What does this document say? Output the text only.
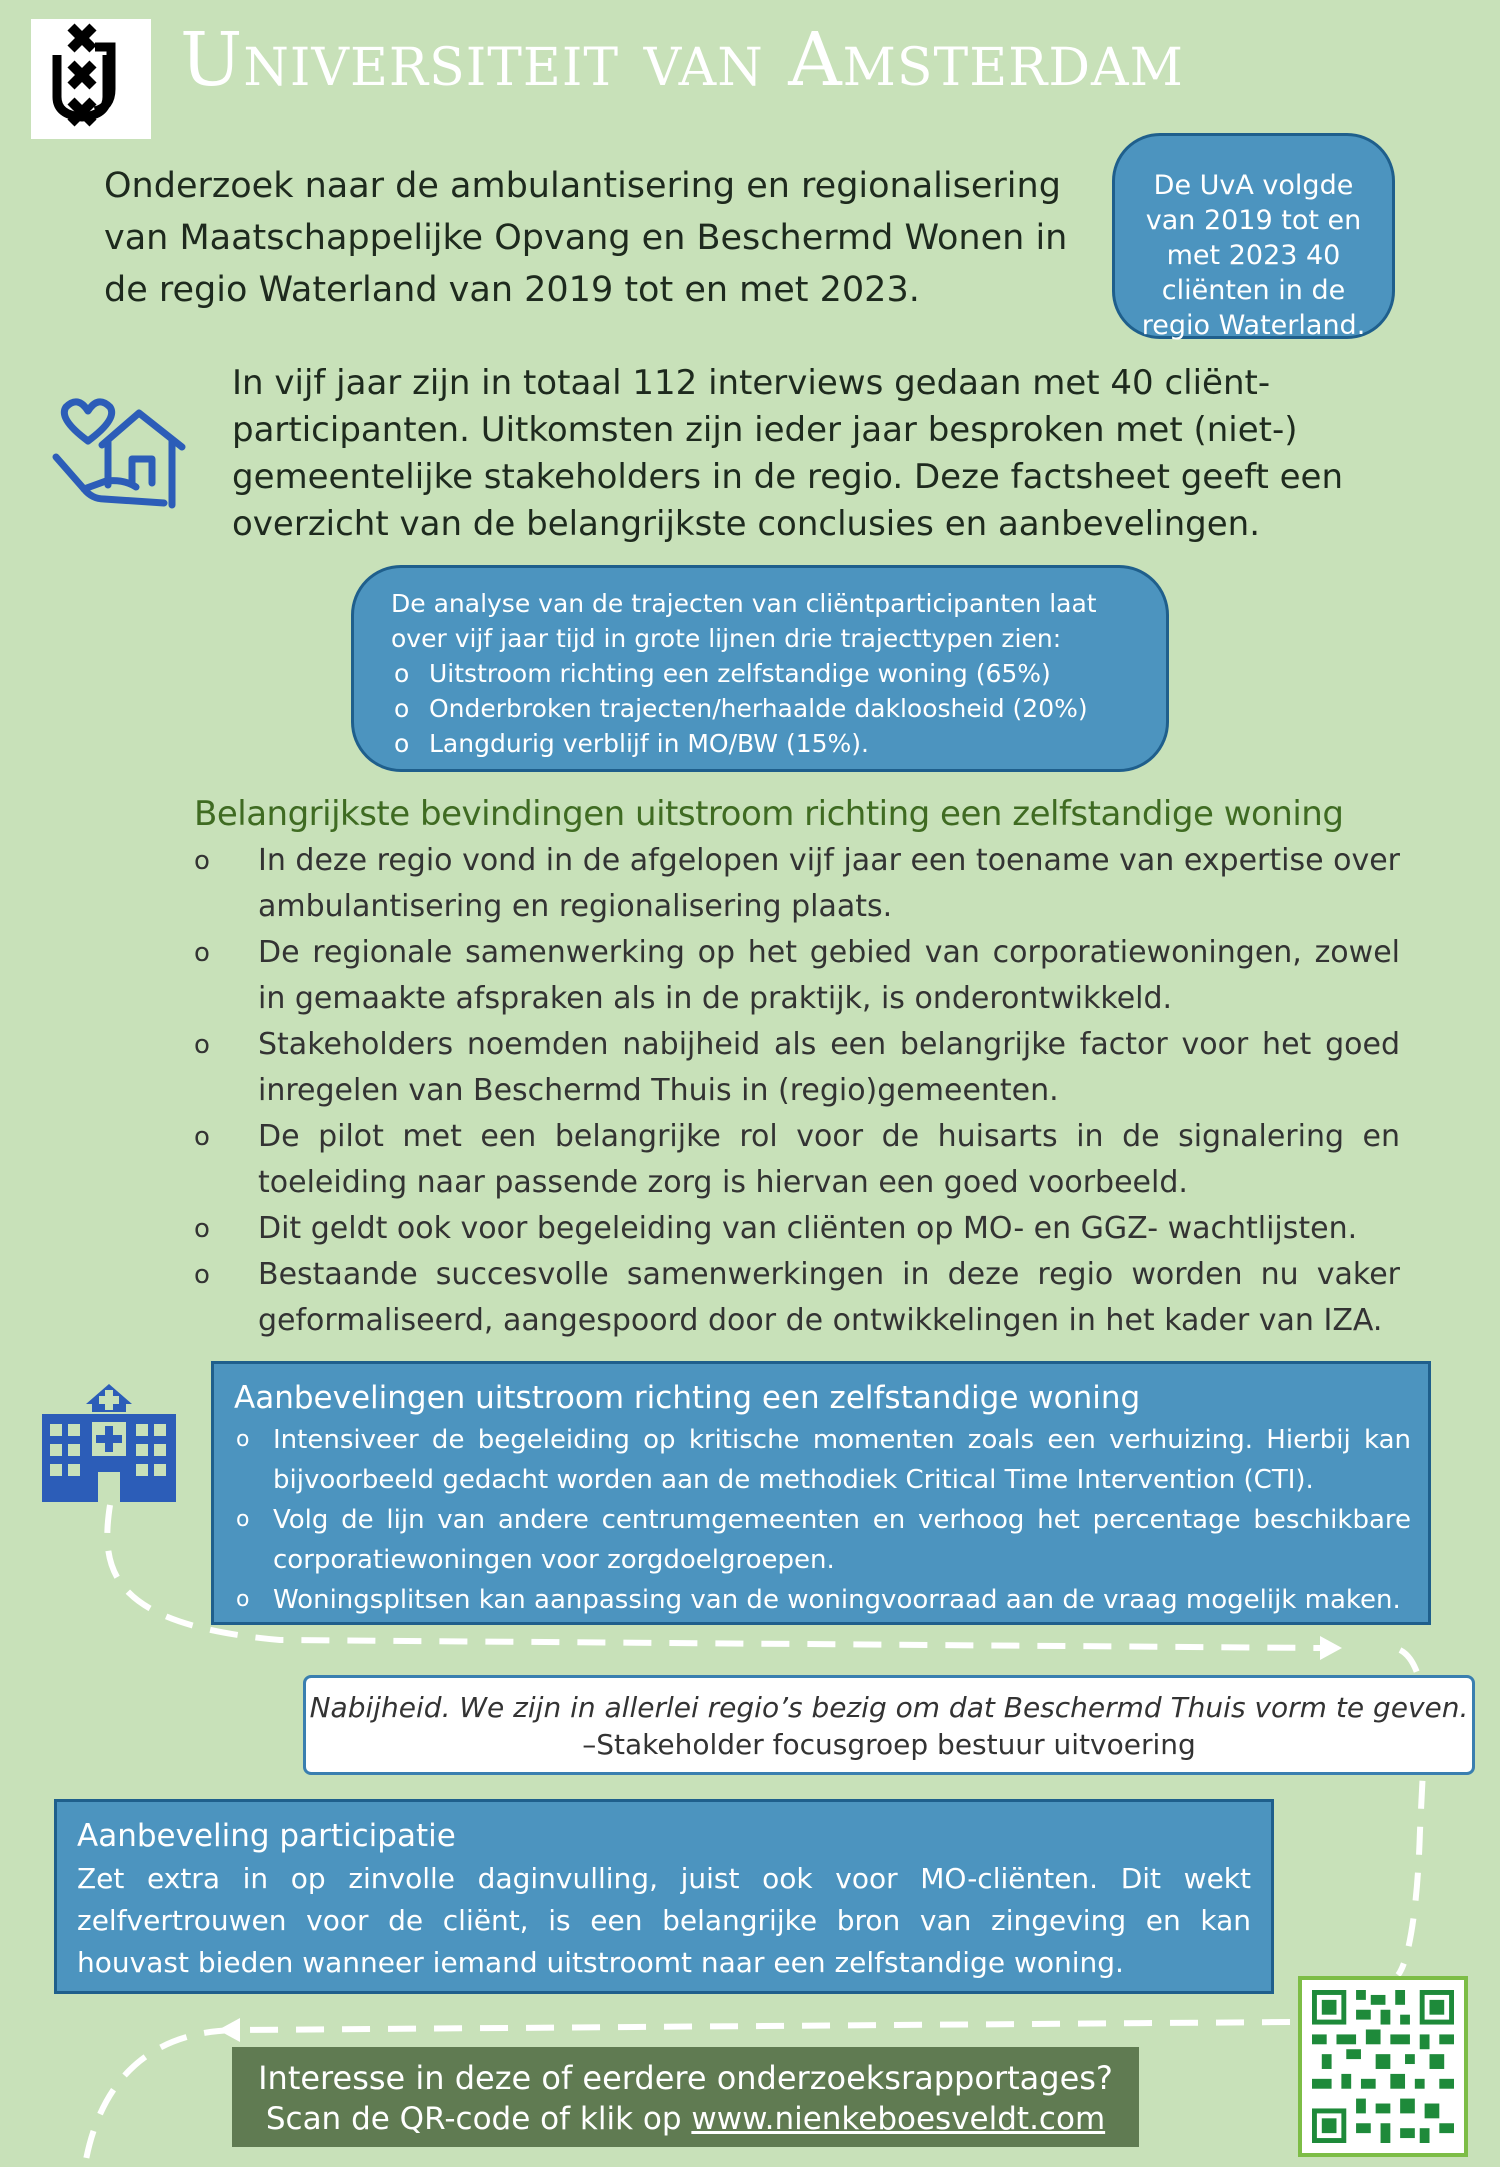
Universiteit van Amsterdam
Onderzoek naar de ambulantisering en regionalisering van Maatschappelijke Opvang en Beschermd Wonen in de regio Waterland van 2019 tot en met 2023.
De UvA volgde van 2019 tot en met 2023 40 cliënten in de regio Waterland.
In vijf jaar zijn in totaal 112 interviews gedaan met 40 cliënt-participanten. Uitkomsten zijn ieder jaar besproken met (niet-) gemeentelijke stakeholders in de regio. Deze factsheet geeft een overzicht van de belangrijkste conclusies en aanbevelingen.
De analyse van de trajecten van cliëntparticipanten laat over vijf jaar tijd in grote lijnen drie trajecttypen zien:
o Uitstroom richting een zelfstandige woning (65%)
o Onderbroken trajecten/herhaalde dakloosheid (20%)
o Langdurig verblijf in MO/BW (15%).
Belangrijkste bevindingen uitstroom richting een zelfstandige woning
o In deze regio vond in de afgelopen vijf jaar een toename van expertise over ambulantisering en regionalisering plaats.
o De regionale samenwerking op het gebied van corporatiewoningen, zowel in gemaakte afspraken als in de praktijk, is onderontwikkeld.
o Stakeholders noemden nabijheid als een belangrijke factor voor het goed inregelen van Beschermd Thuis in (regio)gemeenten.
o De pilot met een belangrijke rol voor de huisarts in de signalering en toeleiding naar passende zorg is hiervan een goed voorbeeld.
o Dit geldt ook voor begeleiding van cliënten op MO- en GGZ- wachtlijsten.
o Bestaande succesvolle samenwerkingen in deze regio worden nu vaker geformaliseerd, aangespoord door de ontwikkelingen in het kader van IZA.
Aanbevelingen uitstroom richting een zelfstandige woning
o Intensiveer de begeleiding op kritische momenten zoals een verhuizing. Hierbij kan bijvoorbeeld gedacht worden aan de methodiek Critical Time Intervention (CTI).
o Volg de lijn van andere centrumgemeenten en verhoog het percentage beschikbare corporatiewoningen voor zorgdoelgroepen.
o Woningsplitsen kan aanpassing van de woningvoorraad aan de vraag mogelijk maken.
Nabijheid. We zijn in allerlei regio’s bezig om dat Beschermd Thuis vorm te geven.
–Stakeholder focusgroep bestuur uitvoering
Aanbeveling participatie
Zet extra in op zinvolle daginvulling, juist ook voor MO-cliënten. Dit wekt zelfvertrouwen voor de cliënt, is een belangrijke bron van zingeving en kan houvast bieden wanneer iemand uitstroomt naar een zelfstandige woning.
Interesse in deze of eerdere onderzoeksrapportages?
Scan de QR-code of klik op www.nienkeboesveldt.com
